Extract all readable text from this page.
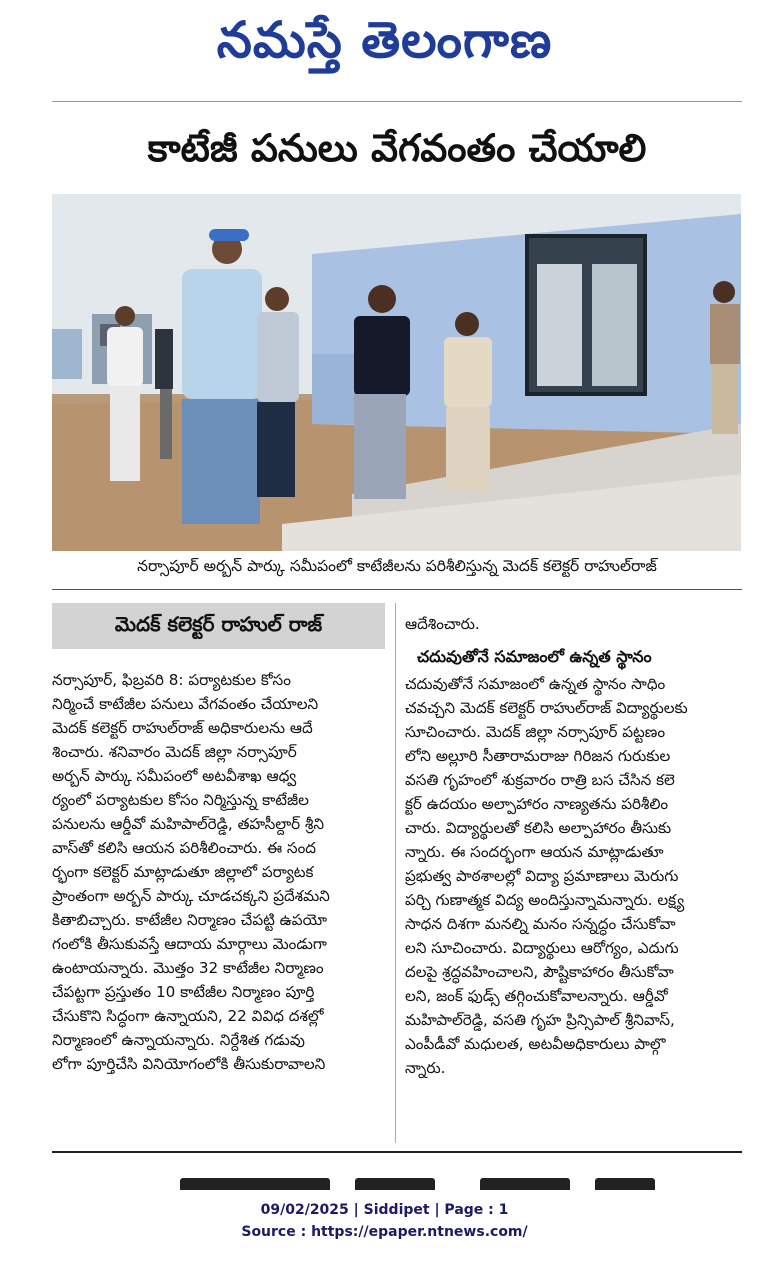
నమస్తే తెలంగాణ
కాటేజీ పనులు వేగవంతం చేయాలి
నర్సాపూర్ అర్బన్ పార్కు సమీపంలో కాటేజీలను పరిశీలిస్తున్న మెదక్ కలెక్టర్ రాహుల్‌రాజ్
మెదక్ కలెక్టర్ రాహుల్ రాజ్
నర్సాపూర్, ఫిబ్రవరి 8: పర్యాటకుల కోసం
నిర్మించే కాటేజీల పనులు వేగవంతం చేయాలని
మెదక్ కలెక్టర్ రాహుల్‌రాజ్ అధికారులను ఆదే
శించారు. శనివారం మెదక్ జిల్లా నర్సాపూర్
అర్బన్ పార్కు సమీపంలో అటవీశాఖ ఆధ్వ
ర్యంలో పర్యాటకుల కోసం నిర్మిస్తున్న కాటేజీల
పనులను ఆర్డీవో మహిపాల్‌రెడ్డి, తహసీల్దార్ శ్రీని
వాస్‌తో కలిసి ఆయన పరిశీలించారు. ఈ సంద
ర్భంగా కలెక్టర్ మాట్లాడుతూ జిల్లాలో పర్యాటక
ప్రాంతంగా అర్బన్ పార్కు చూడచక్కని ప్రదేశమని
కితాబిచ్చారు. కాటేజీల నిర్మాణం చేపట్టి ఉపయో
గంలోకి తీసుకువస్తే ఆదాయ మార్గాలు మెండుగా
ఉంటాయన్నారు. మొత్తం 32 కాటేజీల నిర్మాణం
చేపట్టగా ప్రస్తుతం 10 కాటేజీల నిర్మాణం పూర్తి
చేసుకొని సిద్ధంగా ఉన్నాయని, 22 వివిధ దశల్లో
నిర్మాణంలో ఉన్నాయన్నారు. నిర్దేశిత గడువు
లోగా పూర్తిచేసి వినియోగంలోకి తీసుకురావాలని
ఆదేశించారు.
చదువుతోనే సమాజంలో ఉన్నత స్థానం
చదువుతోనే సమాజంలో ఉన్నత స్థానం సాధిం
చవచ్చని మెదక్ కలెక్టర్ రాహుల్‌రాజ్ విద్యార్థులకు
సూచించారు. మెదక్ జిల్లా నర్సాపూర్ పట్టణం
లోని అల్లూరి సీతారామరాజు గిరిజన గురుకుల
వసతి గృహంలో శుక్రవారం రాత్రి బస చేసిన కలె
క్టర్ ఉదయం అల్పాహారం నాణ్యతను పరిశీలిం
చారు. విద్యార్థులతో కలిసి అల్పాహారం తీసుకు
న్నారు. ఈ సందర్భంగా ఆయన మాట్లాడుతూ
ప్రభుత్వ పాఠశాలల్లో విద్యా ప్రమాణాలు మెరుగు
పర్చి గుణాత్మక విద్య అందిస్తున్నామన్నారు. లక్ష్య
సాధన దిశగా మనల్ని మనం సన్నద్ధం చేసుకోవా
లని సూచించారు. విద్యార్థులు ఆరోగ్యం, ఎదుగు
దలపై శ్రద్ధవహించాలని, పౌష్టికాహారం తీసుకోవా
లని, జంక్ ఫుడ్స్ తగ్గించుకోవాలన్నారు. ఆర్డీవో
మహిపాల్‌రెడ్డి, వసతి గృహ ప్రిన్సిపాల్ శ్రీనివాస్,
ఎంపీడీవో మధులత, అటవీఅధికారులు పాల్గొ
న్నారు.

09/02/2025 | Siddipet | Page : 1
Source : https://epaper.ntnews.com/
